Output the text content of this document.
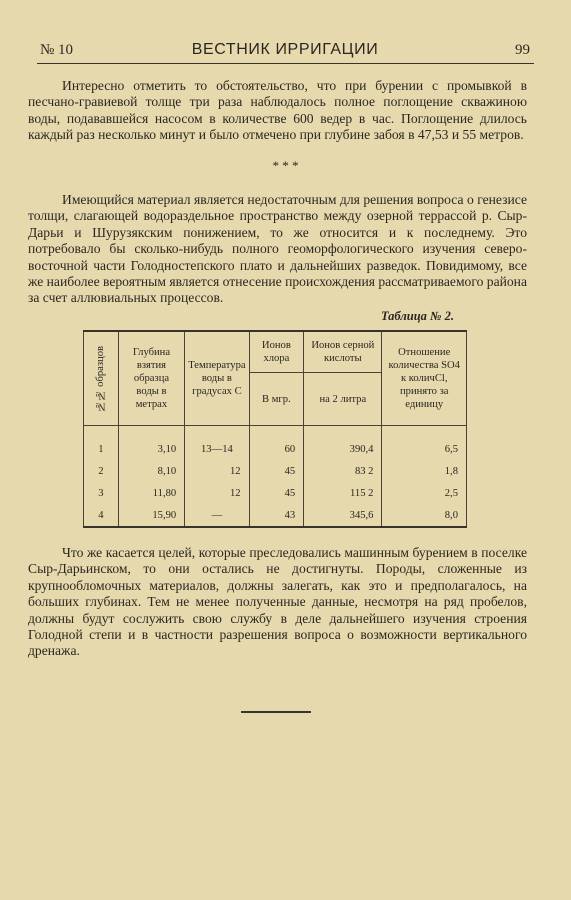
№ 10	ВЕСТНИК ИРРИГАЦИИ	99

Интересно отметить то обстоятельство, что при бурении с промывкой в песчано-гравиевой толще три раза наблюдалось полное поглощение скважиною воды, подававшейся насосом в количестве 600 ведер в час. Поглощение длилось каждый раз несколько минут и было отмечено при глубине забоя в 47,53 и 55 метров.

* * *

Имеющийся материал является недостаточным для решения вопроса о генезисе толщи, слагающей водораздельное пространство между озерной террассой р. Сыр-Дарьи и Шурузякским понижением, то же относится и к последнему. Это потребовало бы сколько-нибудь полного геоморфологического изучения северо-восточной части Голодностепского плато и дальнейших разведок. Повидимому, все же наиболее вероятным является отнесение происхождения рассматриваемого района за счет аллювиальных процессов.

Таблица № 2.
№№ образцов	Глубина взятия образца воды в метрах	Температура воды в градусах С	Ионов хлора	Ионов серной кислоты	Отношение количества SO4 к количCl, принято за единицу
			В мгр.	на 2 литра	
1	3,10	13—14	60	390,4	6,5
2	8,10	12	45	83 2	1,8
3	11,80	12	45	115 2	2,5
4	15,90	—	43	345,6	8,0

Что же касается целей, которые преследовались машинным бурением в поселке Сыр-Дарьинском, то они остались не достигнуты. Породы, сложенные из крупнообломочных материалов, должны залегать, как это и предполагалось, на больших глубинах. Тем не менее полученные данные, несмотря на ряд пробелов, должны будут сослужить свою службу в деле дальнейшего изучения строения Голодной степи и в частности разрешения вопроса о возможности вертикального дренажа.
